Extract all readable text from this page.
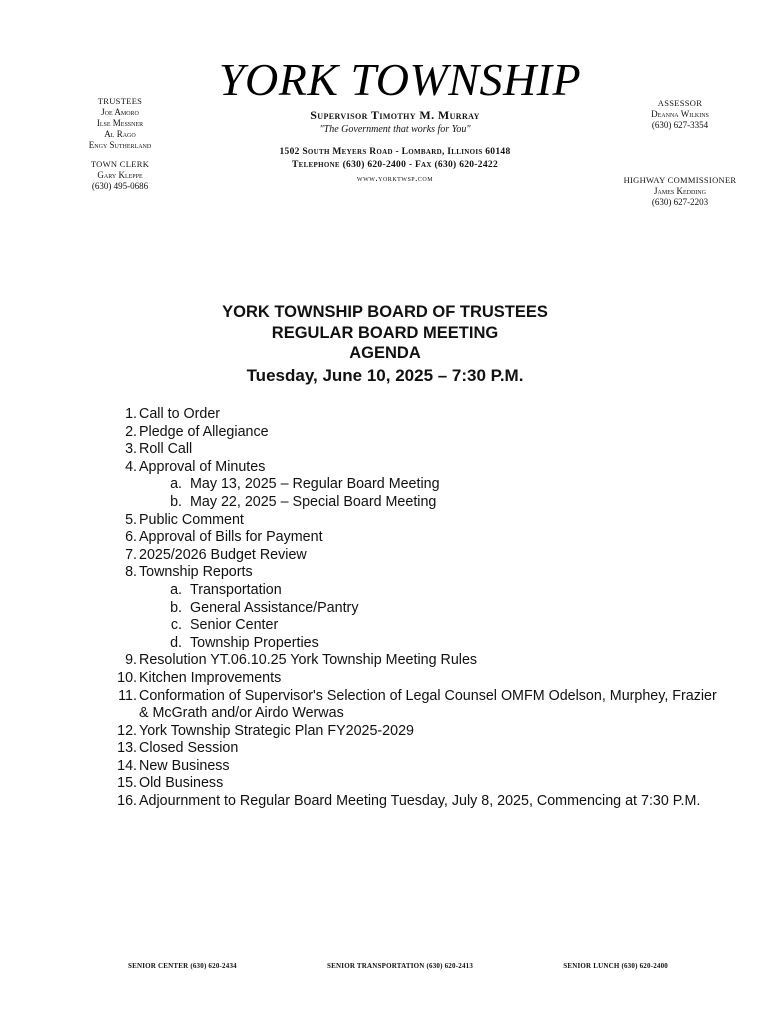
TRUSTEES
Joe Amoro
Ilse Messner
Al Rago
Engy Sutherland
TOWN CLERK
Gary Kleppe
(630) 495-0686
YORK TOWNSHIP
Supervisor Timothy M. Murray
"The Government that works for You"
1502 South Meyers Road - Lombard, Illinois 60148
Telephone (630) 620-2400 - Fax (630) 620-2422
www.yorktwsp.com
ASSESSOR
Deanna Wilkins
(630) 627-3354
HIGHWAY COMMISSIONER
James Kedding
(630) 627-2203
YORK TOWNSHIP BOARD OF TRUSTEES
REGULAR BOARD MEETING
AGENDA
Tuesday, June 10, 2025 – 7:30 P.M.
1. Call to Order
2. Pledge of Allegiance
3. Roll Call
4. Approval of Minutes
a. May 13, 2025 – Regular Board Meeting
b. May 22, 2025 – Special Board Meeting
5. Public Comment
6. Approval of Bills for Payment
7. 2025/2026 Budget Review
8. Township Reports
a. Transportation
b. General Assistance/Pantry
c. Senior Center
d. Township Properties
9. Resolution YT.06.10.25 York Township Meeting Rules
10. Kitchen Improvements
11. Conformation of Supervisor's Selection of Legal Counsel OMFM Odelson, Murphey, Frazier & McGrath and/or Airdo Werwas
12. York Township Strategic Plan FY2025-2029
13. Closed Session
14. New Business
15. Old Business
16. Adjournment to Regular Board Meeting Tuesday, July 8, 2025, Commencing at 7:30 P.M.
SENIOR CENTER (630) 620-2434	SENIOR TRANSPORTATION (630) 620-2413	SENIOR LUNCH (630) 620-2400
